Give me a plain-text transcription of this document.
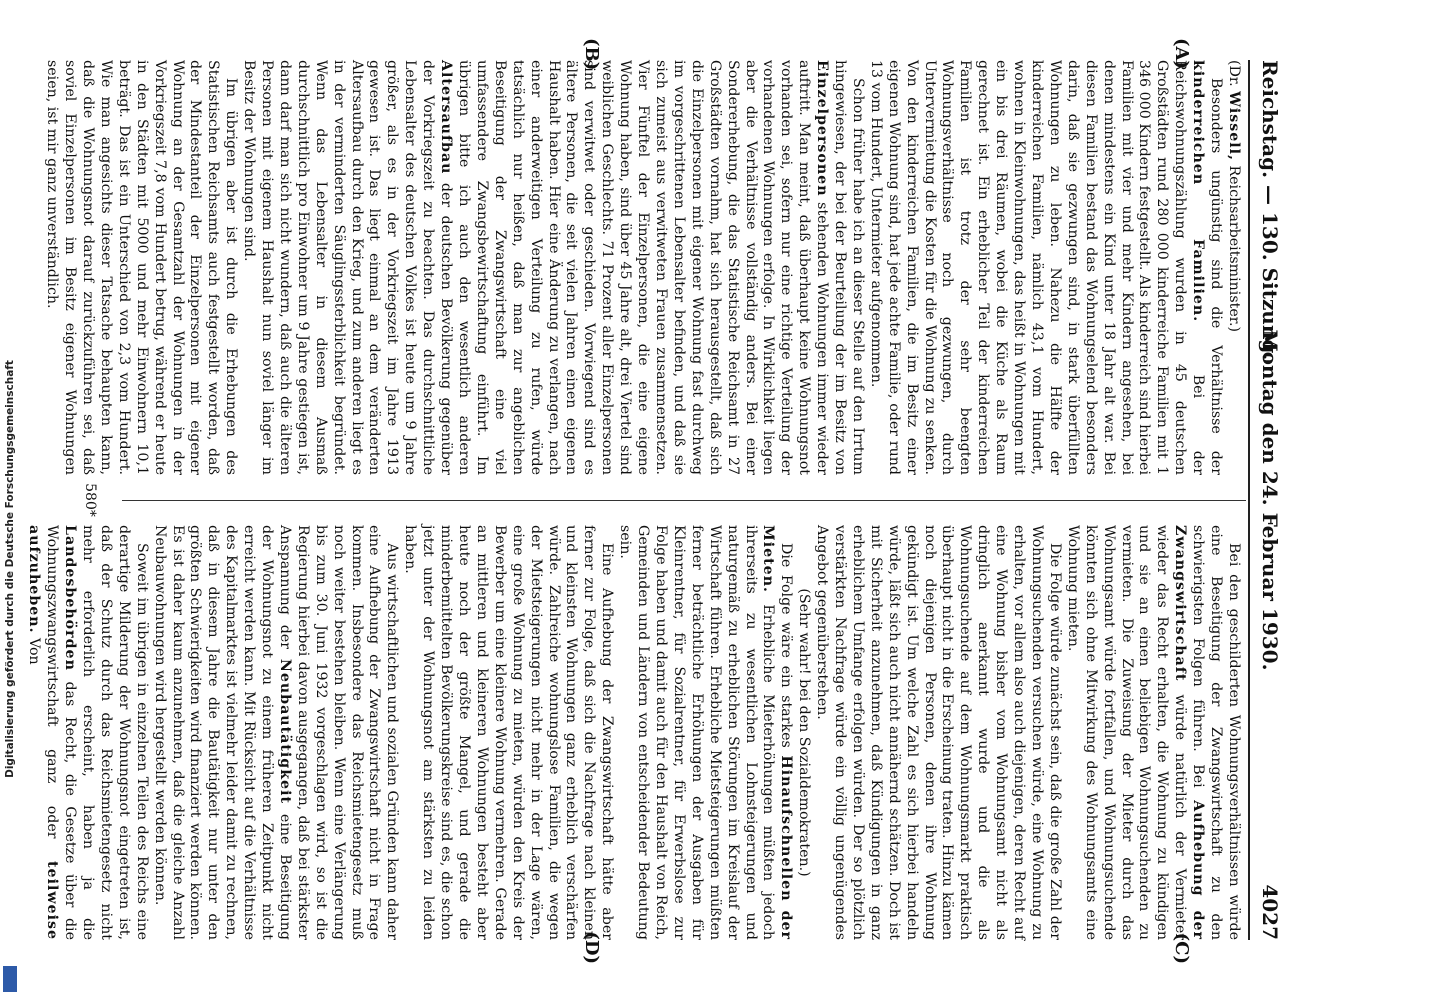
Reichstag. — 130. Sitzung.
Montag den 24. Februar 1930.
4027
(A)
(B)
(C)
(D)

(Dr. Wissell, Reichsarbeitsminister.)

Besonders ungünstig sind die Verhältnisse der kinderreichen Familien. Bei der Reichswohnungszählung wurden in 45 deutschen Großstädten rund 280 000 kinderreiche Familien mit 1 346 000 Kindern festgestellt. Als kinderreich sind hierbei Familien mit vier und mehr Kindern angesehen, bei denen mindestens ein Kind unter 18 Jahr alt war. Bei diesen Familien bestand das Wohnungselend besonders darin, daß sie gezwungen sind, in stark überfüllten Wohnungen zu leben. Nahezu die Hälfte der kinderreichen Familien, nämlich 43,1 vom Hundert, wohnen in Kleinwohnungen, das heißt in Wohnungen mit ein bis drei Räumen, wobei die Küche als Raum gerechnet ist. Ein erheblicher Teil der kinderreichen Familien ist trotz der sehr beengten Wohnungsverhältnisse noch gezwungen, durch Untervermietung die Kosten für die Wohnung zu senken. Von den kinderreichen Familien, die im Besitz einer eigenen Wohnung sind, hat jede achte Familie, oder rund 13 vom Hundert, Untermieter aufgenommen.

Schon früher habe ich an dieser Stelle auf den Irrtum hingewiesen, der bei der Beurteilung der im Besitz von Einzelpersonen stehenden Wohnungen immer wieder auftritt. Man meint, daß überhaupt keine Wohnungsnot vorhanden sei, sofern nur eine richtige Verteilung der vorhandenen Wohnungen erfolge. In Wirklichkeit liegen aber die Verhältnisse vollständig anders. Bei einer Sondererhebung, die das Statistische Reichsamt in 27 Großstädten vornahm, hat sich herausgestellt, daß sich die Einzelpersonen mit eigener Wohnung fast durchweg im vorgeschrittenen Lebensalter befinden, und daß sie sich zumeist aus verwitweten Frauen zusammensetzen. Vier Fünftel der Einzelpersonen, die eine eigene Wohnung haben, sind über 45 Jahre alt, drei Viertel sind weiblichen Geschlechts. 71 Prozent aller Einzelpersonen sind verwitwet oder geschieden. Vorwiegend sind es ältere Personen, die seit vielen Jahren einen eigenen Haushalt haben. Hier eine Änderung zu verlangen, nach einer anderweitigen Verteilung zu rufen, würde tatsächlich nur heißen, daß man zur angeblichen Beseitigung der Zwangswirtschaft eine viel umfassendere Zwangsbewirtschaftung einführt. Im übrigen bitte ich auch den wesentlich anderen Altersaufbau der deutschen Bevölkerung gegenüber der Vorkriegszeit zu beachten. Das durchschnittliche Lebensalter des deutschen Volkes ist heute um 9 Jahre größer, als es in der Vorkriegszeit im Jahre 1913 gewesen ist. Das liegt einmal an dem veränderten Altersaufbau durch den Krieg, und zum anderen liegt es in der verminderten Säuglingssterblichkeit begründet. Wenn das Lebensalter in diesem Ausmaß durchschnittlich pro Einwohner um 9 Jahre gestiegen ist, dann darf man sich nicht wundern, daß auch die älteren Personen mit eigenem Haushalt nun soviel länger im Besitz der Wohnungen sind.

Im übrigen aber ist durch die Erhebungen des Statistischen Reichsamts auch festgestellt worden, daß der Mindestanteil der Einzelpersonen mit eigener Wohnung an der Gesamtzahl der Wohnungen in der Vorkriegszeit 7,8 vom Hundert betrug, während er heute in den Städten mit 5000 und mehr Einwohnern 10,1 beträgt. Das ist ein Unterschied von 2,3 vom Hundert. Wie man angesichts dieser Tatsache behaupten kann, daß die Wohnungsnot darauf zurückzuführen sei, daß soviel Einzelpersonen im Besitz eigener Wohnungen seien, ist mir ganz unverständlich.

Bei den geschilderten Wohnungsverhältnissen würde eine Beseitigung der Zwangswirtschaft zu den schwierigsten Folgen führen. Bei Aufhebung der Zwangswirtschaft würde natürlich der Vermieter wieder das Recht erhalten, die Wohnung zu kündigen und sie an einen beliebigen Wohnungsuchenden zu vermieten. Die Zuweisung der Mieter durch das Wohnungsamt würde fortfallen, und Wohnungsuchende könnten sich ohne Mitwirkung des Wohnungsamts eine Wohnung mieten.

Die Folge würde zunächst sein, daß die große Zahl der Wohnungsuchenden versuchen würde, eine Wohnung zu erhalten, vor allem also auch diejenigen, deren Recht auf eine Wohnung bisher vom Wohnungsamt nicht als dringlich anerkannt wurde und die als Wohnungsuchende auf dem Wohnungsmarkt praktisch überhaupt nicht in die Erscheinung traten. Hinzu kämen noch diejenigen Personen, denen ihre Wohnung gekündigt ist. Um welche Zahl es sich hierbei handeln würde, läßt sich auch nicht annähernd schätzen. Doch ist mit Sicherheit anzunehmen, daß Kündigungen in ganz erheblichem Umfange erfolgen würden. Der so plötzlich verstärkten Nachfrage würde ein völlig ungenügendes Angebot gegenüberstehen.

(Sehr wahr! bei den Sozialdemokraten.)

Die Folge wäre ein starkes Hinaufschnellen der Mieten. Erhebliche Mieterhöhungen müßten jedoch ihrerseits zu wesentlichen Lohnsteigerungen und naturgemäß zu erheblichen Störungen im Kreislauf der Wirtschaft führen. Erhebliche Mietsteigerungen müßten ferner beträchtliche Erhöhungen der Ausgaben für Kleinrentner, für Sozialrentner, für Erwerbslose zur Folge haben und damit auch für den Haushalt von Reich, Gemeinden und Ländern von entscheidender Bedeutung sein.

Eine Aufhebung der Zwangswirtschaft hätte aber ferner zur Folge, daß sich die Nachfrage nach kleinen und kleinsten Wohnungen ganz erheblich verschärfen würde. Zahlreiche wohnungslose Familien, die wegen der Mietsteigerungen nicht mehr in der Lage wären, eine große Wohnung zu mieten, würden den Kreis der Bewerber um eine kleinere Wohnung vermehren. Gerade an mittleren und kleineren Wohnungen besteht aber heute noch der größte Mangel, und gerade die minderbemittelten Bevölkerungskreise sind es, die schon jetzt unter der Wohnungsnot am stärksten zu leiden haben.

Aus wirtschaftlichen und sozialen Gründen kann daher eine Aufhebung der Zwangswirtschaft nicht in Frage kommen. Insbesondere das Reichsmietengesetz muß noch weiter bestehen bleiben. Wenn eine Verlängerung bis zum 30. Juni 1932 vorgeschlagen wird, so ist die Regierung hierbei davon ausgegangen, daß bei stärkster Anspannung der Neubautätigkeit eine Beseitigung der Wohnungsnot zu einem früheren Zeitpunkt nicht erreicht werden kann. Mit Rücksicht auf die Verhältnisse des Kapitalmarktes ist vielmehr leider damit zu rechnen, daß in diesem Jahre die Bautätigkeit nur unter den größten Schwierigkeiten wird finanziert werden können. Es ist daher kaum anzunehmen, daß die gleiche Anzahl Neubauwohnungen wird hergestellt werden können.

Soweit im übrigen in einzelnen Teilen des Reichs eine derartige Milderung der Wohnungsnot eingetreten ist, daß der Schutz durch das Reichsmietengesetz nicht mehr erforderlich erscheint, haben ja die Landesbehörden das Recht, die Gesetze über die Wohnungszwangswirtschaft ganz oder teilweise aufzuheben. Von

580*
Digitalisierung gefördert durch die Deutsche Forschungsgemeinschaft
